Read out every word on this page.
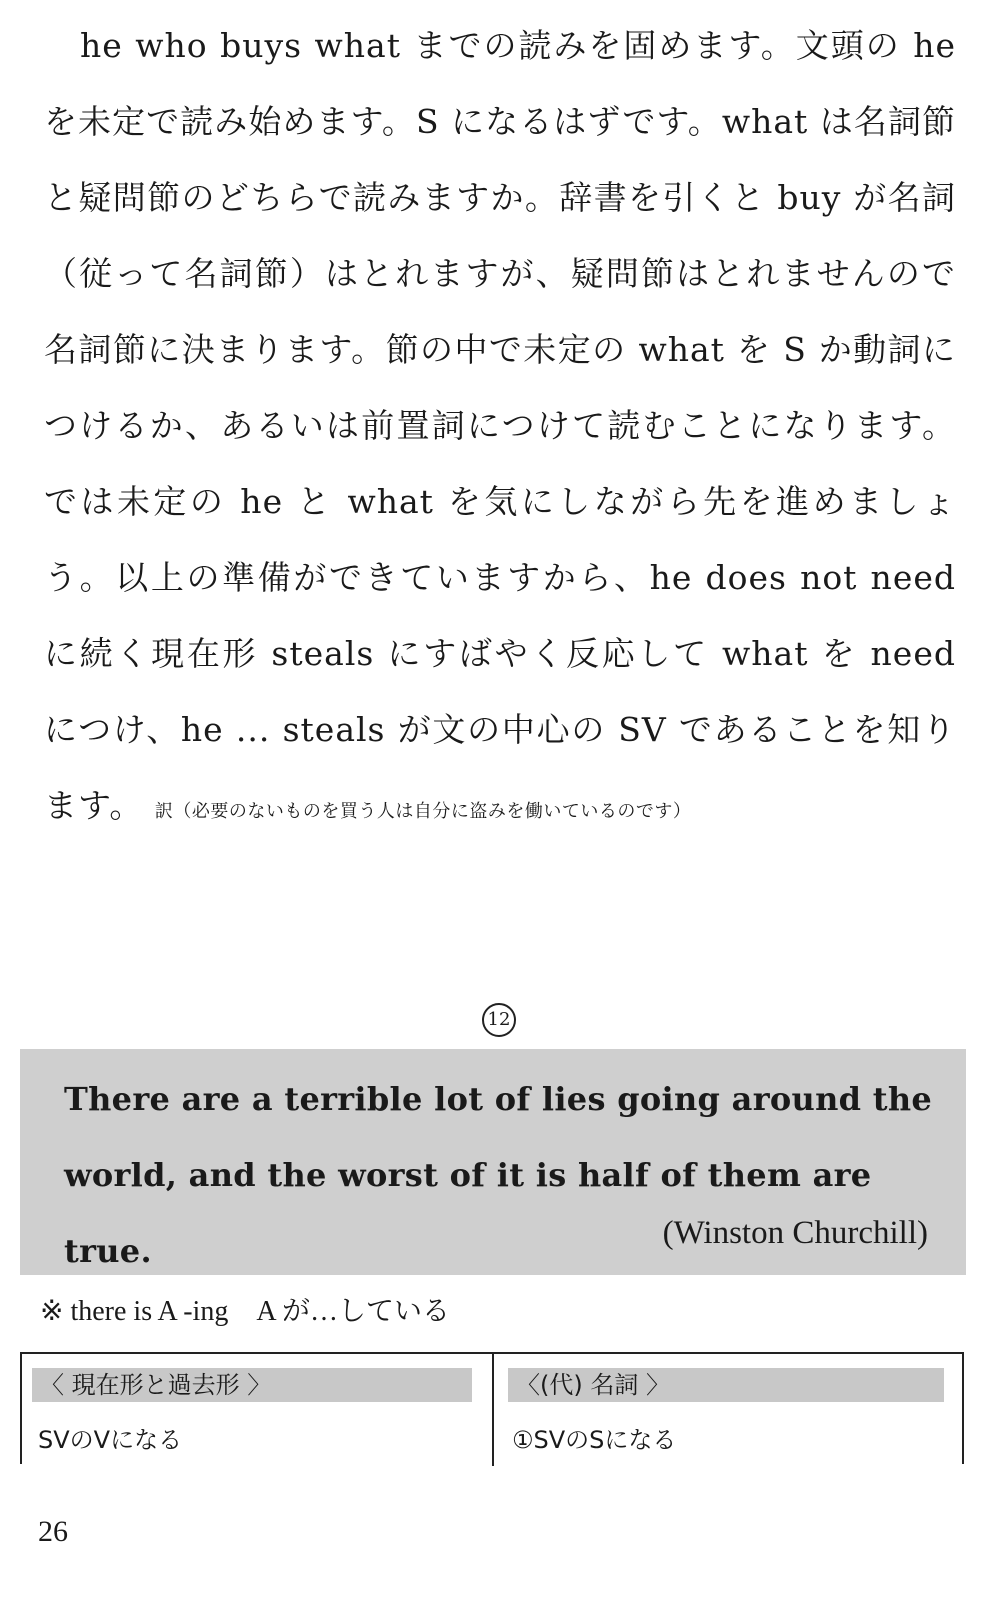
he who buys what までの読みを固めます。文頭の he を未定で読み始めます。S になるはずです。what は名詞節と疑問節のどちらで読みますか。辞書を引くと buy が名詞（従って名詞節）はとれますが、疑問節はとれませんので名詞節に決まります。節の中で未定の what を S か動詞につけるか、あるいは前置詞につけて読むことになります。では未定の he と what を気にしながら先を進めましょう。以上の準備ができていますから、he does not need に続く現在形 steals にすばやく反応して what を need につけ、he ... steals が文の中心の SV であることを知ります。 訳（必要のないものを買う人は自分に盗みを働いているのです）

12

There are a terrible lot of lies going around the world, and the worst of it is half of them are true.	(Winston Churchill)
※ there is A -ing　A が…している
〈 現在形と過去形 〉
SVのVになる
〈(代) 名詞 〉
①SVのSになる
26
